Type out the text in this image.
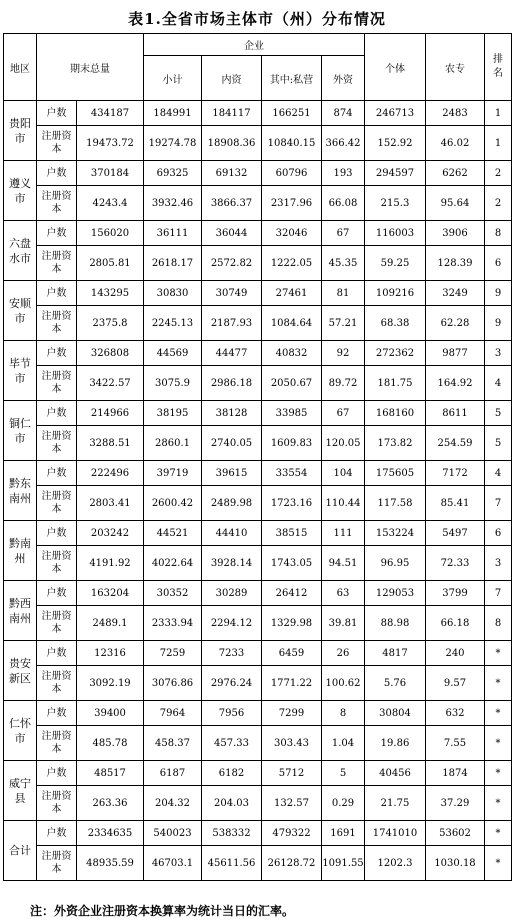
表1.全省市场主体市（州）分布情况
地区	期末总量		企业				个体	农专	排名
			小计	内资	其中:私营	外资			
贵阳市	户数	434187	184991	184117	166251	874	246713	2483	1
	注册资本	19473.72	19274.78	18908.36	10840.15	366.42	152.92	46.02	1
遵义市	户数	370184	69325	69132	60796	193	294597	6262	2
	注册资本	4243.4	3932.46	3866.37	2317.96	66.08	215.3	95.64	2
六盘水市	户数	156020	36111	36044	32046	67	116003	3906	8
	注册资本	2805.81	2618.17	2572.82	1222.05	45.35	59.25	128.39	6
安顺市	户数	143295	30830	30749	27461	81	109216	3249	9
	注册资本	2375.8	2245.13	2187.93	1084.64	57.21	68.38	62.28	9
毕节市	户数	326808	44569	44477	40832	92	272362	9877	3
	注册资本	3422.57	3075.9	2986.18	2050.67	89.72	181.75	164.92	4
铜仁市	户数	214966	38195	38128	33985	67	168160	8611	5
	注册资本	3288.51	2860.1	2740.05	1609.83	120.05	173.82	254.59	5
黔东南州	户数	222496	39719	39615	33554	104	175605	7172	4
	注册资本	2803.41	2600.42	2489.98	1723.16	110.44	117.58	85.41	7
黔南州	户数	203242	44521	44410	38515	111	153224	5497	6
	注册资本	4191.92	4022.64	3928.14	1743.05	94.51	96.95	72.33	3
黔西南州	户数	163204	30352	30289	26412	63	129053	3799	7
	注册资本	2489.1	2333.94	2294.12	1329.98	39.81	88.98	66.18	8
贵安新区	户数	12316	7259	7233	6459	26	4817	240	*
	注册资本	3092.19	3076.86	2976.24	1771.22	100.62	5.76	9.57	*
仁怀市	户数	39400	7964	7956	7299	8	30804	632	*
	注册资本	485.78	458.37	457.33	303.43	1.04	19.86	7.55	*
威宁县	户数	48517	6187	6182	5712	5	40456	1874	*
	注册资本	263.36	204.32	204.03	132.57	0.29	21.75	37.29	*
合计	户数	2334635	540023	538332	479322	1691	1741010	53602	*
	注册资本	48935.59	46703.1	45611.56	26128.72	1091.55	1202.3	1030.18	*
注：外资企业注册资本换算率为统计当日的汇率。
